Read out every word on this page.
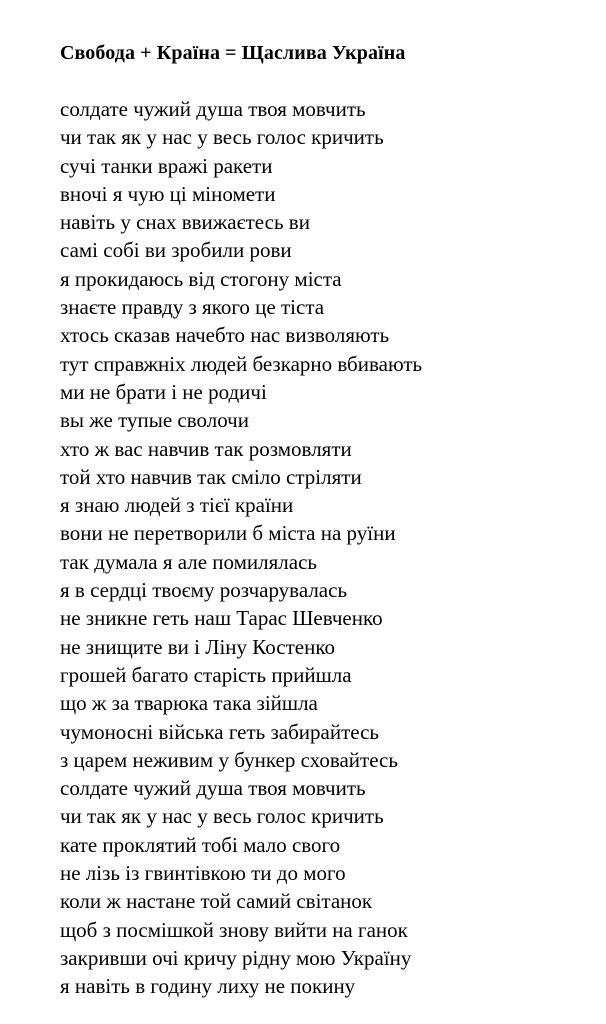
Свобода + Країна = Щаслива Україна
солдате чужий душа твоя мовчить
чи так як у нас у весь голос кричить
сучі танки вражі ракети
вночі я чую ці міномети
навіть у снах ввижаєтесь ви
самі собі ви зробили рови
я прокидаюсь від стогону міста
знаєте правду з якого це тіста
хтось сказав начебто нас визволяють
тут справжніх людей безкарно вбивають
ми не брати і не родичі
вы же тупые сволочи
хто ж вас навчив так розмовляти
той хто навчив так сміло стріляти
я знаю людей з тієї країни
вони не перетворили б міста на руїни
так думала я але помилялась
я в сердці твоєму розчарувалась
не зникне геть наш Тарас Шевченко
не знищите ви і Ліну Костенко
грошей багато старість прийшла
що ж за тварюка така зійшла
чумоносні війська геть забирайтесь
з царем неживим у бункер сховайтесь
солдате чужий душа твоя мовчить
чи так як у нас у весь голос кричить
кате проклятий тобі мало свого
не лізь із гвинтівкою ти до мого
коли ж настане той самий світанок
щоб з посмішкой знову вийти на ганок
закривши очі кричу рідну мою Україну
я навіть в годину лиху не покину
